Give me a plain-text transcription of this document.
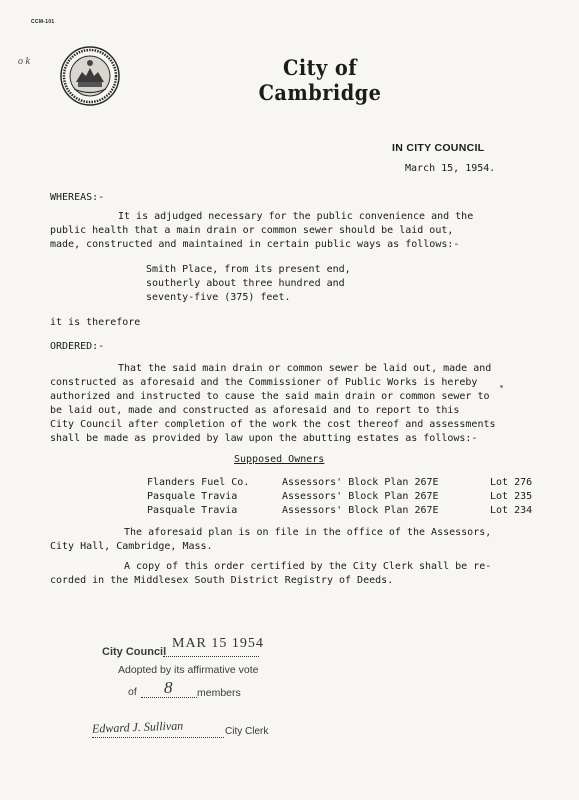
CCM-101
o k	City of Cambridge
IN CITY COUNCIL
March 15, 1954.
WHEREAS:-
It is adjudged necessary for the public convenience and the
public health that a main drain or common sewer should be laid out,
made, constructed and maintained in certain public ways as follows:-
Smith Place, from its present end,
southerly about three hundred and
seventy-five (375) feet.
it is therefore
ORDERED:-
That the said main drain or common sewer be laid out, made and
constructed as aforesaid and the Commissioner of Public Works is hereby
authorized and instructed to cause the said main drain or common sewer to
be laid out, made and constructed as aforesaid and to report to this
City Council after completion of the work the cost thereof and assessments
shall be made as provided by law upon the abutting estates as follows:-
Supposed Owners
Flanders Fuel Co.	Assessors' Block Plan 267E	Lot 276
Pasquale Travia	Assessors' Block Plan 267E	Lot 235
Pasquale Travia	Assessors' Block Plan 267E	Lot 234
The aforesaid plan is on file in the office of the Assessors,
City Hall, Cambridge, Mass.
A copy of this order certified by the City Clerk shall be re-
corded in the Middlesex South District Registry of Deeds.
City Council
MAR 15 1954
Adopted by its affirmative vote
of 8 members
Edward J. Sullivan	City Clerk
